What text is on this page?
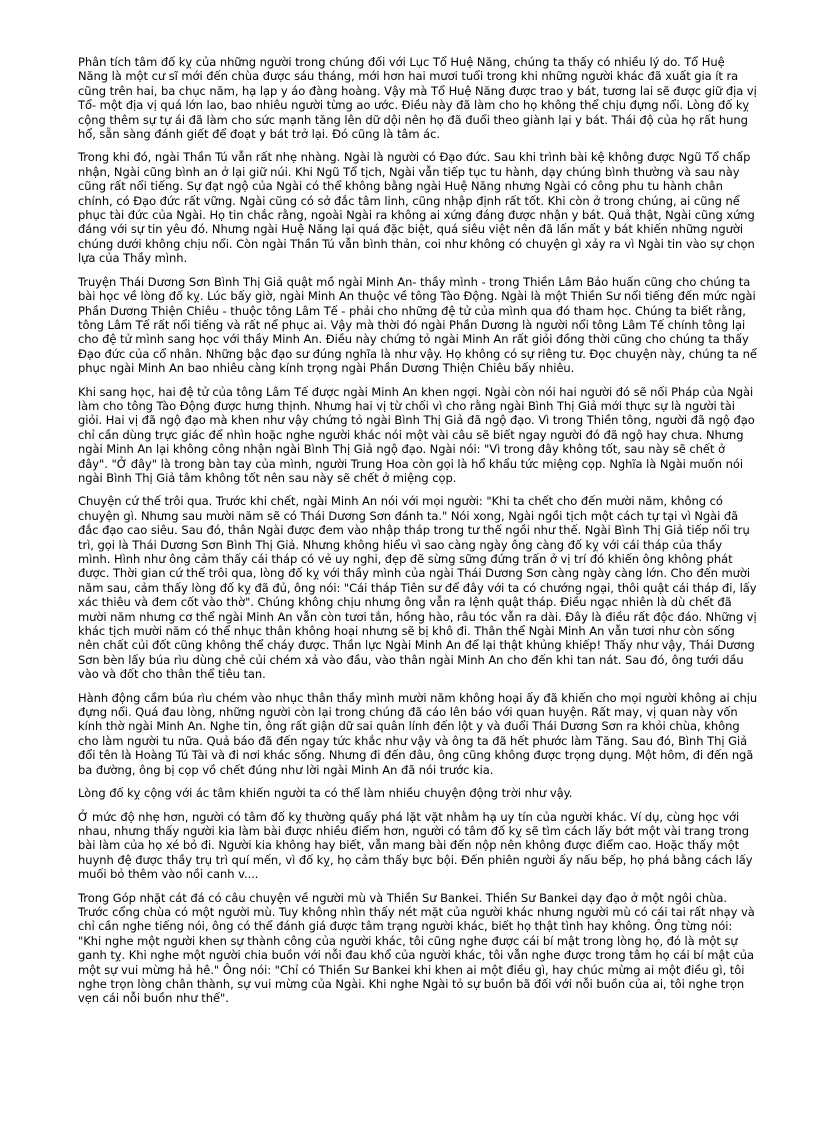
Phân tích tâm đố kỵ của những người trong chúng đối với Lục Tổ Huệ Năng, chúng ta thấy có nhiều lý do. Tổ Huệ Năng là một cư sĩ mới đến chùa được sáu tháng, mới hơn hai mươi tuổi trong khi những người khác đã xuất gia ít ra cũng trên hai, ba chục năm, hạ lạp y áo đàng hoàng. Vậy mà Tổ Huệ Năng được trao y bát, tương lai sẽ được giữ địa vị Tổ- một địa vị quá lớn lao, bao nhiêu người từng ao ước. Điều này đã làm cho họ không thể chịu đựng nổi. Lòng đố kỵ cộng thêm sự tự ái đã làm cho sức mạnh tăng lên dữ dội nên họ đã đuổi theo giành lại y bát. Thái độ của họ rất hung hổ, sẵn sàng đánh giết để đoạt y bát trở lại. Đó cũng là tâm ác.

Trong khi đó, ngài Thần Tú vẫn rất nhẹ nhàng. Ngài là người có Đạo đức. Sau khi trình bài kệ không được Ngũ Tổ chấp nhận, Ngài cũng bình an ở lại giữ núi. Khi Ngũ Tổ tịch, Ngài vẫn tiếp tục tu hành, dạy chúng bình thường và sau này cũng rất nổi tiếng. Sự đạt ngộ của Ngài có thể không bằng ngài Huệ Năng nhưng Ngài có công phu tu hành chân chính, có Đạo đức rất vững. Ngài cũng có sở đắc tâm linh, cũng nhập định rất tốt. Khi còn ở trong chúng, ai cũng nể phục tài đức của Ngài. Họ tin chắc rằng, ngoài Ngài ra không ai xứng đáng được nhận y bát. Quả thật, Ngài cũng xứng đáng với sự tin yêu đó. Nhưng ngài Huệ Năng lại quá đặc biệt, quá siêu việt nên đã lấn mất y bát khiến những người chúng dưới không chịu nổi. Còn ngài Thần Tú vẫn bình thản, coi như không có chuyện gì xảy ra vì Ngài tin vào sự chọn lựa của Thầy mình.

Truyện Thái Dương Sơn Bình Thị Giả quật mồ ngài Minh An- thầy mình - trong Thiền Lâm Bảo huấn cũng cho chúng ta bài học về lòng đố kỵ. Lúc bấy giờ, ngài Minh An thuộc về tông Tào Động. Ngài là một Thiền Sư nổi tiếng đến mức ngài Phần Dương Thiện Chiêu - thuộc tông Lâm Tế - phải cho những đệ tử của mình qua đó tham học. Chúng ta biết rằng, tông Lâm Tế rất nổi tiếng và rất nể phục ai. Vậy mà thời đó ngài Phần Dương là người nổi tông Lâm Tế chính tông lại cho đệ tử mình sang học với thầy Minh An. Điều này chứng tỏ ngài Minh An rất giỏi đồng thời cũng cho chúng ta thấy Đạo đức của cổ nhân. Những bậc đạo sư đúng nghĩa là như vậy. Họ không có sự riêng tư. Đọc chuyện này, chúng ta nể phục ngài Minh An bao nhiêu càng kính trọng ngài Phần Dương Thiện Chiêu bấy nhiêu.

Khi sang học, hai đệ tử của tông Lâm Tế được ngài Minh An khen ngợi. Ngài còn nói hai người đó sẽ nối Pháp của Ngài làm cho tông Tào Động được hưng thịnh. Nhưng hai vị từ chối vì cho rằng ngài Bình Thị Giả mới thực sự là người tài giỏi. Hai vị đã ngộ đạo mà khen như vậy chứng tỏ ngài Bình Thị Giả đã ngộ đạo. Vì trong Thiền tông, người đã ngộ đạo chỉ cần dùng trực giác để nhìn hoặc nghe người khác nói một vài câu sẽ biết ngay người đó đã ngộ hay chưa. Nhưng ngài Minh An lại không công nhận ngài Bình Thị Giả ngộ đạo. Ngài nói: "Vì trong đây không tốt, sau này sẽ chết ở đây". "Ở đây" là trong bàn tay của mình, người Trung Hoa còn gọi là hổ khẩu tức miệng cọp. Nghĩa là Ngài muốn nói ngài Bình Thị Giả tâm không tốt nên sau này sẽ chết ở miệng cọp.

Chuyện cứ thế trôi qua. Trước khi chết, ngài Minh An nói với mọi người: "Khi ta chết cho đến mười năm, không có chuyện gì. Nhưng sau mười năm sẽ có Thái Dương Sơn đánh ta." Nói xong, Ngài ngồi tịch một cách tự tại vì Ngài đã đắc đạo cao siêu. Sau đó, thân Ngài được đem vào nhập tháp trong tư thế ngồi như thế. Ngài Bình Thị Giả tiếp nối trụ trì, gọi là Thái Dương Sơn Bình Thị Giả. Nhưng không hiểu vì sao càng ngày ông càng đố kỵ với cái tháp của thầy mình. Hình như ông cảm thấy cái tháp có vẻ uy nghi, đẹp đẽ sừng sững đứng trấn ở vị trí đó khiến ông không phát được. Thời gian cứ thế trôi qua, lòng đố kỵ với thầy mình của ngài Thái Dương Sơn càng ngày càng lớn. Cho đến mười năm sau, cảm thấy lòng đố kỵ đã đủ, ông nói: "Cái tháp Tiên sư để đây với ta có chướng ngại, thôi quật cái tháp đi, lấy xác thiêu và đem cốt vào thờ". Chúng không chịu nhưng ông vẫn ra lệnh quật tháp. Điều ngạc nhiên là dù chết đã mười năm nhưng cơ thể ngài Minh An vẫn còn tươi tắn, hồng hào, râu tóc vẫn ra dài. Đây là điều rất độc đáo. Những vị khác tịch mười năm có thể nhục thân không hoại nhưng sẽ bị khô đi. Thân thể Ngài Minh An vẫn tươi như còn sống nên chất củi đốt cũng không thể cháy được. Thần lực Ngài Minh An để lại thật khủng khiếp! Thấy như vậy, Thái Dương Sơn bèn lấy búa rìu dùng chẻ củi chém xả vào đầu, vào thân ngài Minh An cho đến khi tan nát. Sau đó, ông tưới dầu vào và đốt cho thân thể tiêu tan.

Hành động cầm búa rìu chém vào nhục thân thầy mình mười năm không hoại ấy đã khiến cho mọi người không ai chịu đựng nổi. Quá đau lòng, những người còn lại trong chúng đã cáo lên báo với quan huyện. Rất may, vị quan này vốn kính thờ ngài Minh An. Nghe tin, ông rất giận dữ sai quân lính đến lột y và đuổi Thái Dương Sơn ra khỏi chùa, không cho làm người tu nữa. Quả báo đã đến ngay tức khắc như vậy và ông ta đã hết phước làm Tăng. Sau đó, Bình Thị Giả đổi tên là Hoàng Tú Tài và đi nơi khác sống. Nhưng đi đến đâu, ông cũng không được trọng dụng. Một hôm, đi đến ngã ba đường, ông bị cọp vồ chết đúng như lời ngài Minh An đã nói trước kia.

Lòng đố kỵ cộng với ác tâm khiến người ta có thể làm nhiều chuyện động trời như vậy.

Ở mức độ nhẹ hơn, người có tâm đố kỵ thường quấy phá lặt vặt nhằm hạ uy tín của người khác. Ví dụ, cùng học với nhau, nhưng thấy người kia làm bài được nhiều điểm hơn, người có tâm đố kỵ sẽ tìm cách lấy bớt một vài trang trong bài làm của họ xé bỏ đi. Người kia không hay biết, vẫn mang bài đến nộp nên không được điểm cao. Hoặc thấy một huynh đệ được thầy trụ trì quí mến, vì đố kỵ, họ cảm thấy bực bội. Đến phiên người ấy nấu bếp, họ phá bằng cách lấy muối bỏ thêm vào nồi canh v....

Trong Góp nhặt cát đá có câu chuyện về người mù và Thiền Sư Bankei. Thiền Sư Bankei dạy đạo ở một ngôi chùa. Trước cổng chùa có một người mù. Tuy không nhìn thấy nét mặt của người khác nhưng người mù có cái tai rất nhạy và chỉ cần nghe tiếng nói, ông có thể đánh giá được tâm trạng người khác, biết họ thật tình hay không. Ông từng nói: "Khi nghe một người khen sự thành công của người khác, tôi cũng nghe được cái bí mật trong lòng họ, đó là một sự ganh tỵ. Khi nghe một người chia buồn với nỗi đau khổ của người khác, tôi vẫn nghe được trong tâm họ cái bí mật của một sự vui mừng hả hê." Ông nói: "Chỉ có Thiền Sư Bankei khi khen ai một điều gì, hay chúc mừng ai một điều gì, tôi nghe trọn lòng chân thành, sự vui mừng của Ngài. Khi nghe Ngài tỏ sự buồn bã đối với nỗi buồn của ai, tôi nghe trọn vẹn cái nỗi buồn như thế".
